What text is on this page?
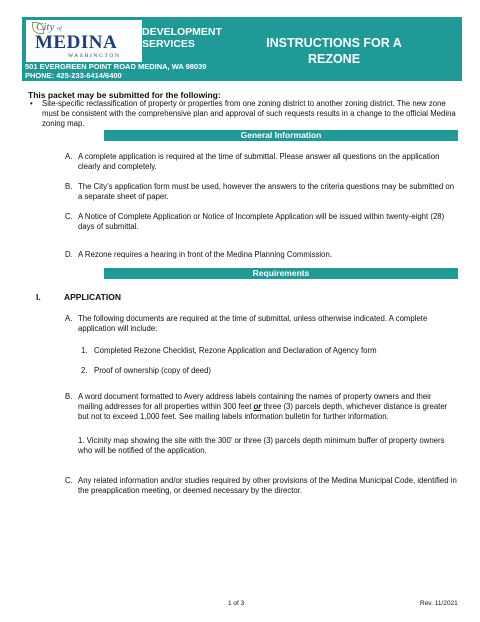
City of
MEDINA
WASHINGTON
DEVELOPMENT
SERVICES
501 EVERGREEN POINT ROAD MEDINA, WA 98039
PHONE: 425-233-6414/6400
INSTRUCTIONS FOR A
REZONE
This packet may be submitted for the following:
• Site-specific reclassification of property or properties from one zoning district to another zoning district. The new zone must be consistent with the comprehensive plan and approval of such requests results in a change to the official Medina zoning map.
General Information
A. A complete application is required at the time of submittal. Please answer all questions on the application clearly and completely.
B. The City’s application form must be used, however the answers to the criteria questions may be submitted on a separate sheet of paper.
C. A Notice of Complete Application or Notice of Incomplete Application will be issued within twenty-eight (28) days of submittal.
D. A Rezone requires a hearing in front of the Medina Planning Commission.
Requirements
I.	APPLICATION
A. The following documents are required at the time of submittal, unless otherwise indicated. A complete application will include:
1. Completed Rezone Checklist, Rezone Application and Declaration of Agency form
2. Proof of ownership (copy of deed)
B. A word document formatted to Avery address labels containing the names of property owners and their mailing addresses for all properties within 300 feet or three (3) parcels depth, whichever distance is greater but not to exceed 1,000 feet. See mailing labels information bulletin for further information.
1. Vicinity map showing the site with the 300’ or three (3) parcels depth minimum buffer of property owners who will be notified of the application.
C. Any related information and/or studies required by other provisions of the Medina Municipal Code, identified in the preapplication meeting, or deemed necessary by the director.
1 of 3	Rev. 11/2021
